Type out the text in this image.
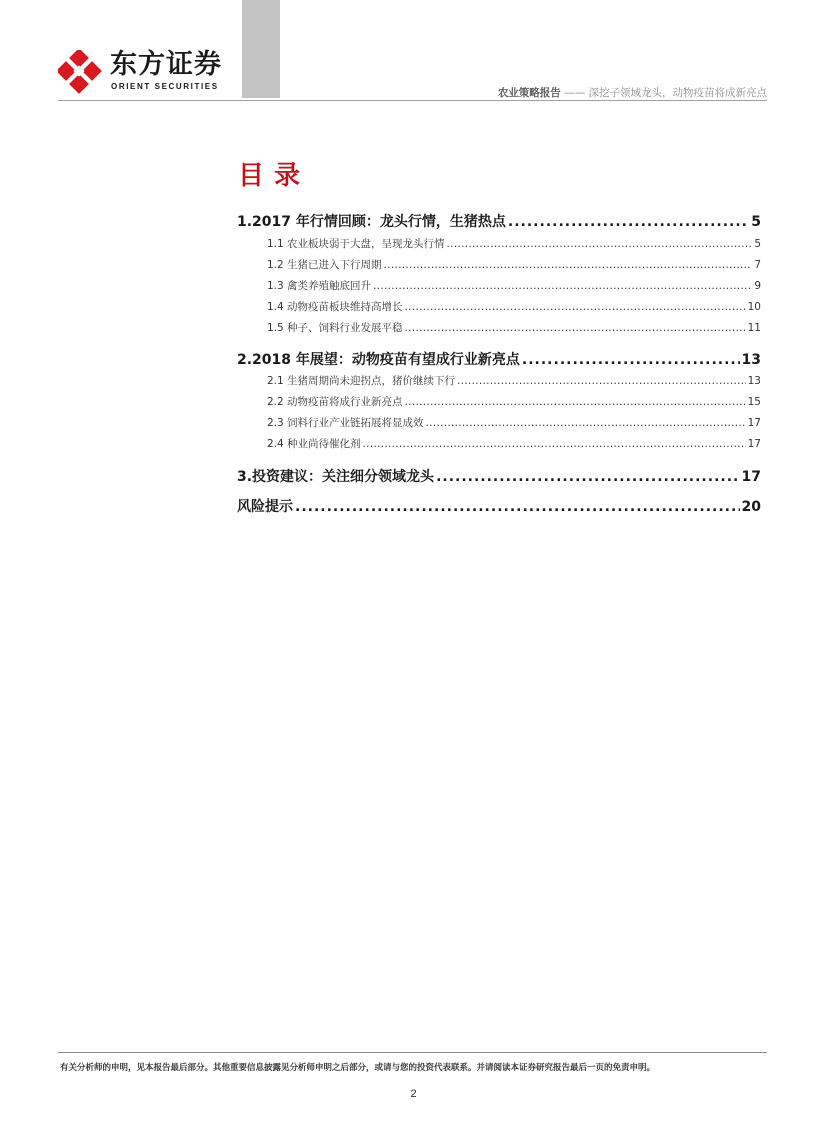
东方证券
ORIENT SECURITIES
农业策略报告 —— 深挖子领域龙头，动物疫苗将成新亮点
目录
1.2017 年行情回顾：龙头行情，生猪热点 .....	5
1.1 农业板块弱于大盘，呈现龙头行情 .....	5
1.2 生猪已进入下行周期 .....	7
1.3 禽类养殖触底回升 .....	9
1.4 动物疫苗板块维持高增长 .....	10
1.5 种子、饲料行业发展平稳 .....	11
2.2018 年展望：动物疫苗有望成行业新亮点 .....	13
2.1 生猪周期尚未迎拐点，猪价继续下行 .....	13
2.2 动物疫苗将成行业新亮点 .....	15
2.3 饲料行业产业链拓展将显成效 .....	17
2.4 种业尚待催化剂 .....	17
3.投资建议：关注细分领域龙头 .....	17
风险提示 .....	20
有关分析师的申明，见本报告最后部分。其他重要信息披露见分析师申明之后部分，或请与您的投资代表联系。并请阅读本证券研究报告最后一页的免责申明。
2
